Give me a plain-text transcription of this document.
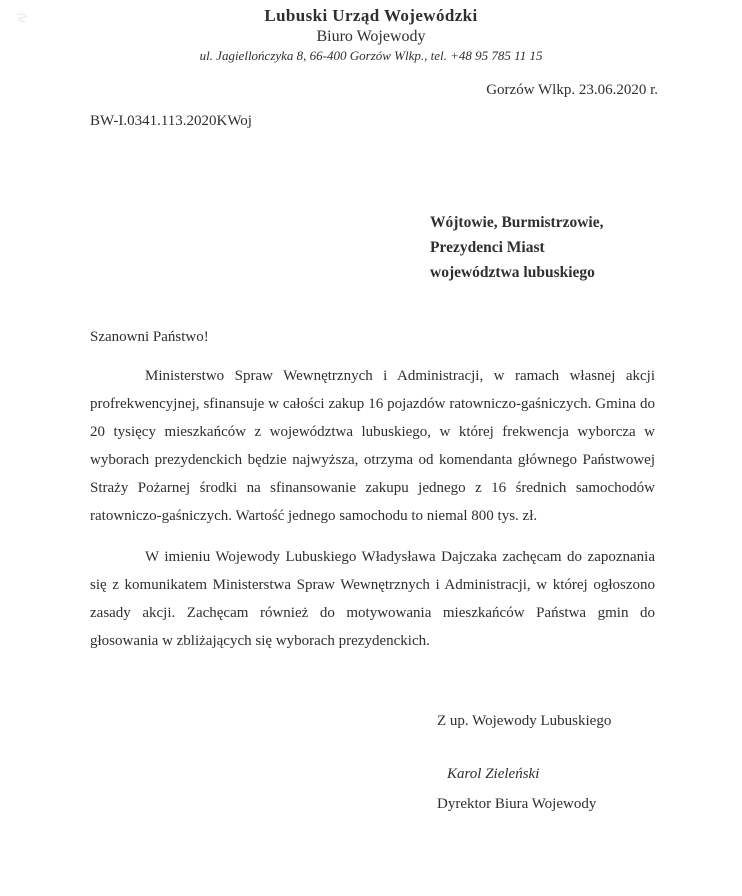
Lubuski Urząd Wojewódzki
Biuro Wojewody
ul. Jagiellończyka 8, 66-400 Gorzów Wlkp., tel. +48 95 785 11 15
Gorzów Wlkp. 23.06.2020 r.
BW-I.0341.113.2020KWoj
Wójtowie, Burmistrzowie,
Prezydenci Miast
województwa lubuskiego
Szanowni Państwo!

Ministerstwo Spraw Wewnętrznych i Administracji, w ramach własnej akcji profrekwencyjnej, sfinansuje w całości zakup 16 pojazdów ratowniczo-gaśniczych. Gmina do 20 tysięcy mieszkańców z województwa lubuskiego, w której frekwencja wyborcza w wyborach prezydenckich będzie najwyższa, otrzyma od komendanta głównego Państwowej Straży Pożarnej środki na sfinansowanie zakupu jednego z 16 średnich samochodów ratowniczo-gaśniczych. Wartość jednego samochodu to niemal 800 tys. zł.

W imieniu Wojewody Lubuskiego Władysława Dajczaka zachęcam do zapoznania się z komunikatem Ministerstwa Spraw Wewnętrznych i Administracji, w której ogłoszono zasady akcji. Zachęcam również do motywowania mieszkańców Państwa gmin do głosowania w zbliżających się wyborach prezydenckich.

Z up. Wojewody Lubuskiego
Karol Zieleński
Dyrektor Biura Wojewody
